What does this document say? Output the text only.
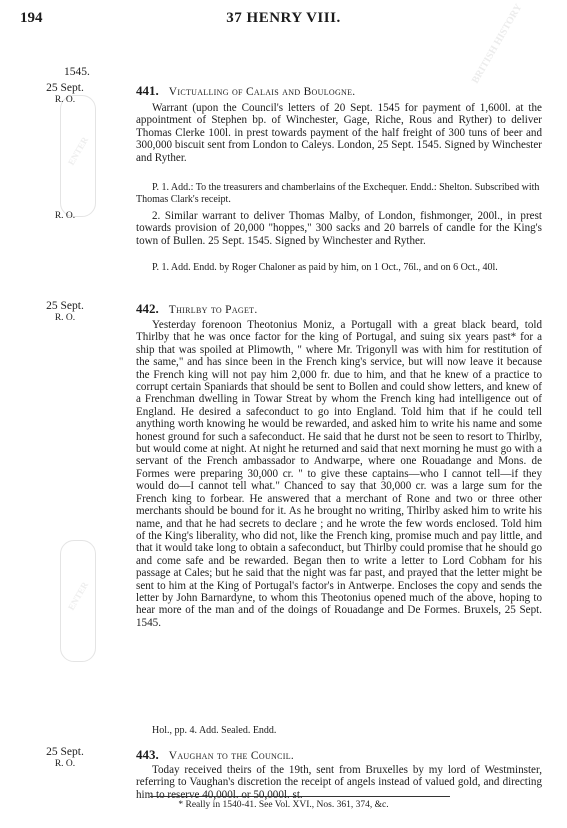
194	37 HENRY VIII.
ENTER
ENTER
BRITISH HISTORY
1545.
25 Sept.
R. O.
441. Victualling of Calais and Boulogne.
Warrant (upon the Council's letters of 20 Sept. 1545 for payment of 1,600l. at the appointment of Stephen bp. of Winchester, Gage, Riche, Rous and Ryther) to deliver Thomas Clerke 100l. in prest towards payment of the half freight of 300 tuns of beer and 300,000 biscuit sent from London to Caleys. London, 25 Sept. 1545. Signed by Winchester and Ryther.
P. 1. Add.: To the treasurers and chamberlains of the Exchequer. Endd.: Shelton. Subscribed with Thomas Clark's receipt.
R. O.	2. Similar warrant to deliver Thomas Malby, of London, fishmonger, 200l., in prest towards provision of 20,000 "hoppes," 300 sacks and 20 barrels of candle for the King's town of Bullen. 25 Sept. 1545. Signed by Winchester and Ryther.
P. 1. Add. Endd. by Roger Chaloner as paid by him, on 1 Oct., 76l., and on 6 Oct., 40l.
25 Sept.
R. O.
442. Thirlby to Paget.
Yesterday forenoon Theotonius Moniz, a Portugall with a great black beard, told Thirlby that he was once factor for the king of Portugal, and suing six years past* for a ship that was spoiled at Plimowth, " where Mr. Trigonyll was with him for restitution of the same," and has since been in the French king's service, but will now leave it because the French king will not pay him 2,000 fr. due to him, and that he knew of a practice to corrupt certain Spaniards that should be sent to Bollen and could show letters, and knew of a Frenchman dwelling in Towar Streat by whom the French king had intelligence out of England. He desired a safeconduct to go into England. Told him that if he could tell anything worth knowing he would be rewarded, and asked him to write his name and some honest ground for such a safeconduct. He said that he durst not be seen to resort to Thirlby, but would come at night. At night he returned and said that next morning he must go with a servant of the French ambassador to Andwarpe, where one Rouadange and Mons. de Formes were preparing 30,000 cr. " to give these captains—who I cannot tell—if they would do—I cannot tell what." Chanced to say that 30,000 cr. was a large sum for the French king to forbear. He answered that a merchant of Rone and two or three other merchants should be bound for it. As he brought no writing, Thirlby asked him to write his name, and that he had secrets to declare ; and he wrote the few words enclosed. Told him of the King's liberality, who did not, like the French king, promise much and pay little, and that it would take long to obtain a safeconduct, but Thirlby could promise that he should go and come safe and be rewarded. Began then to write a letter to Lord Cobham for his passage at Cales; but he said that the night was far past, and prayed that the letter might be sent to him at the King of Portugal's factor's in Antwerpe. Encloses the copy and sends the letter by John Barnardyne, to whom this Theotonius opened much of the above, hoping to hear more of the man and of the doings of Rouadange and De Formes. Bruxels, 25 Sept. 1545.
Hol., pp. 4. Add. Sealed. Endd.
25 Sept.
R. O.
443. Vaughan to the Council.
Today received theirs of the 19th, sent from Bruxelles by my lord of Westminster, referring to Vaughan's discretion the receipt of angels instead of valued gold, and directing him to reserve 40,000l. or 50,000l. st.
* Really in 1540-41. See Vol. XVI., Nos. 361, 374, &c.
